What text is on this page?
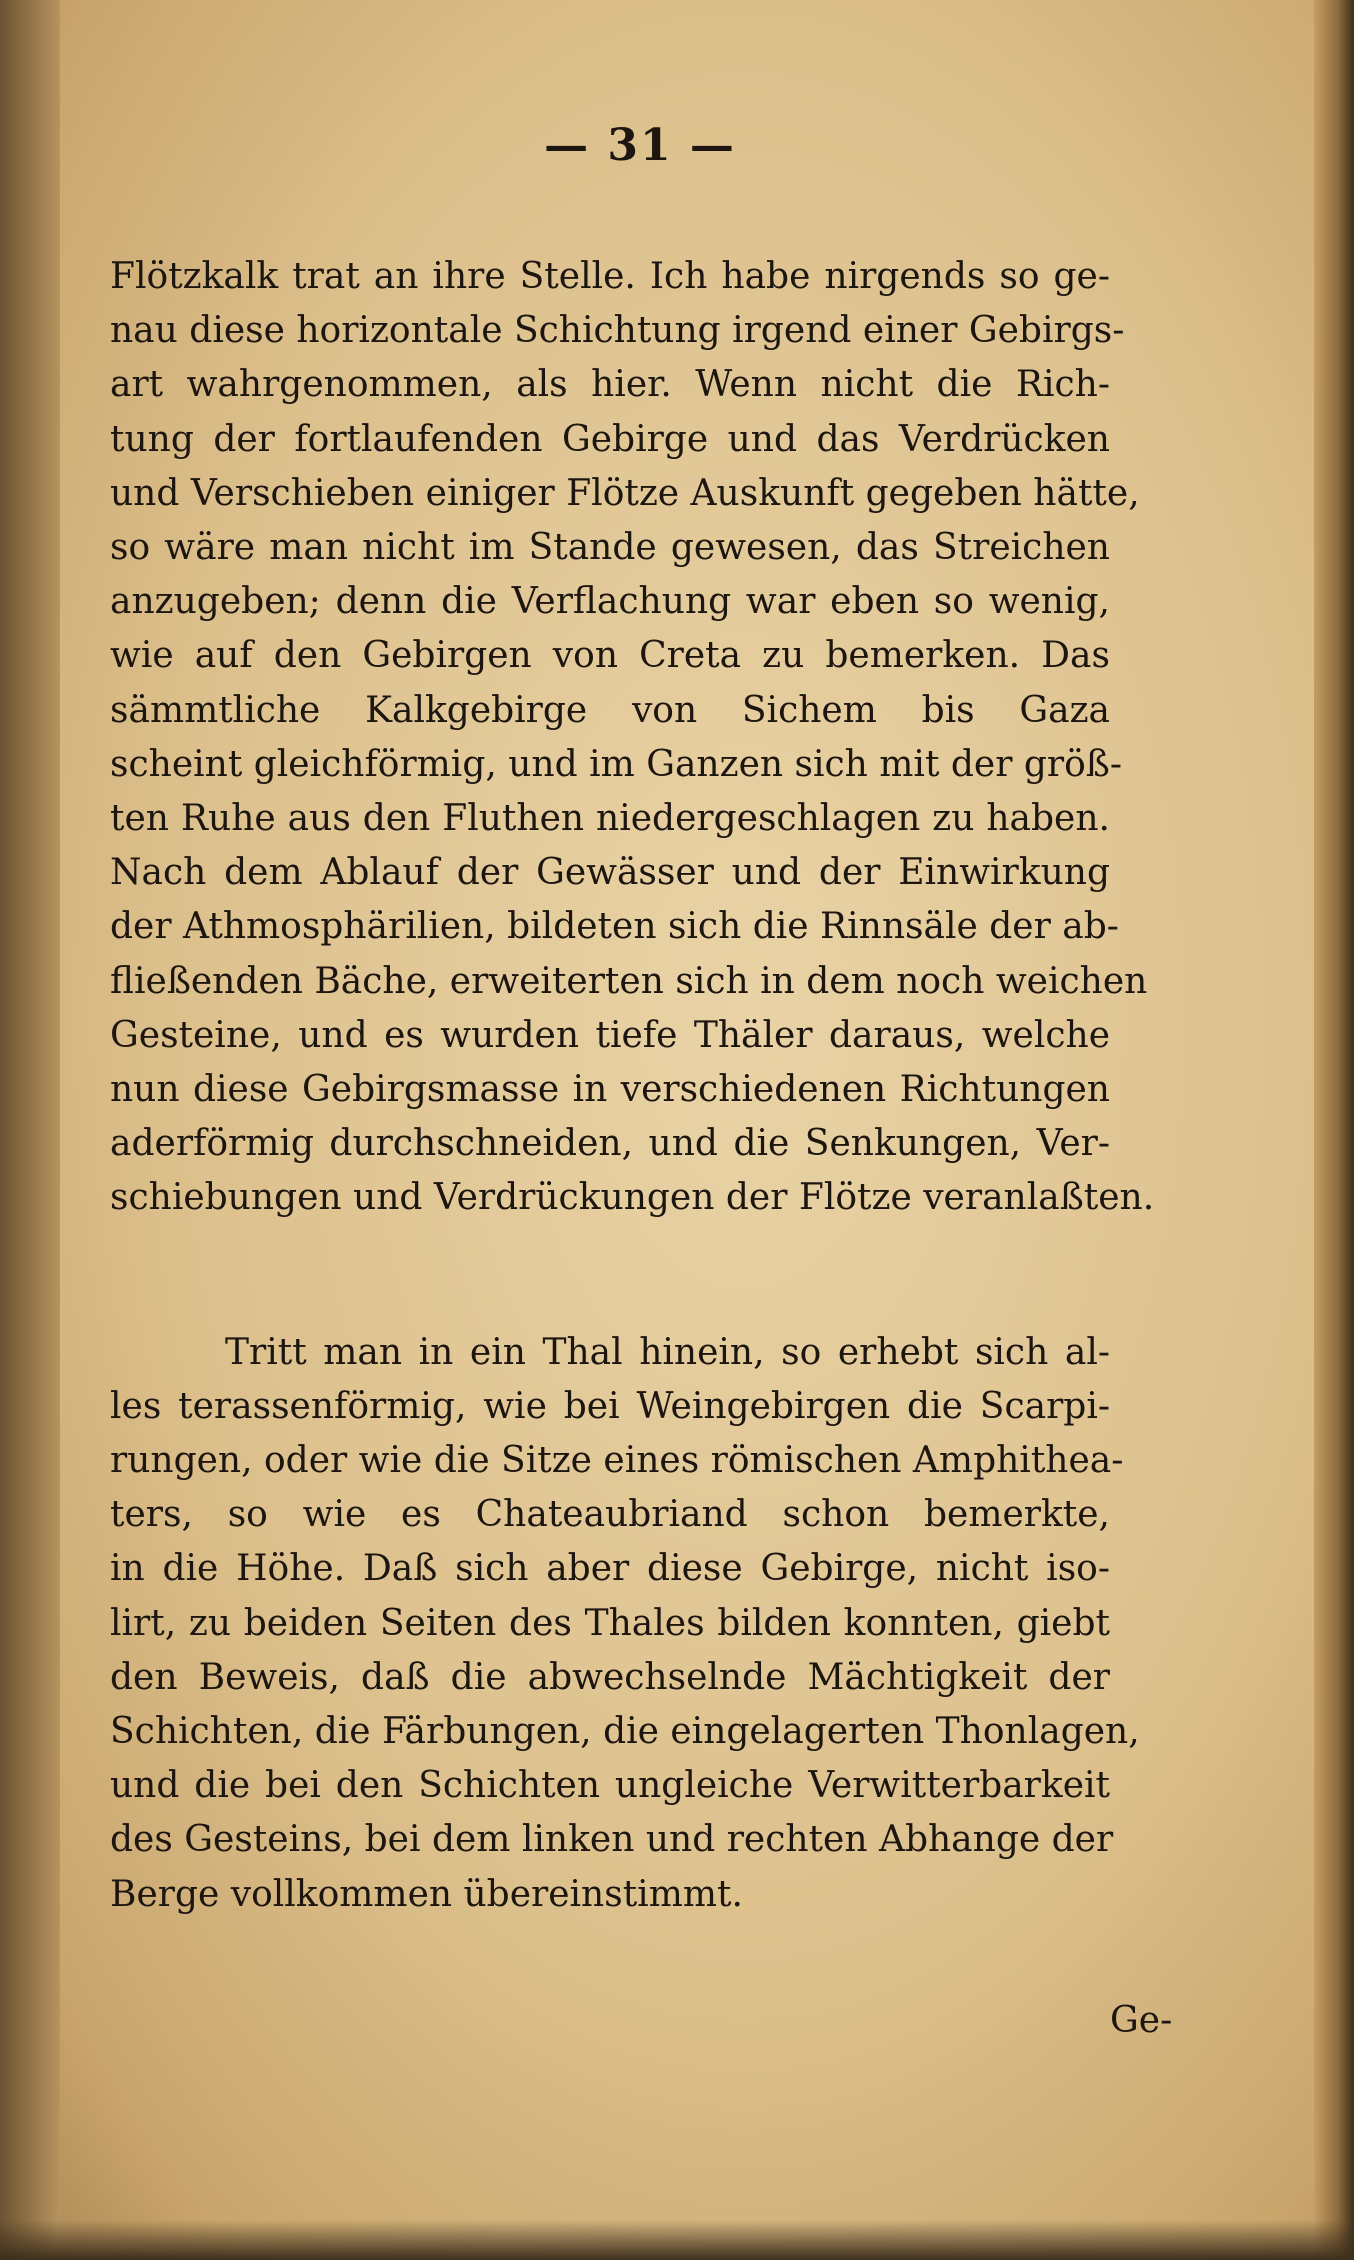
— 31 —

Flötzkalk trat an ihre Stelle. Ich habe nirgends so ge-
nau diese horizontale Schichtung irgend einer Gebirgs-
art wahrgenommen, als hier. Wenn nicht die Rich-
tung der fortlaufenden Gebirge und das Verdrücken
und Verschieben einiger Flötze Auskunft gegeben hätte,
so wäre man nicht im Stande gewesen, das Streichen
anzugeben; denn die Verflachung war eben so wenig,
wie auf den Gebirgen von Creta zu bemerken. Das
sämmtliche Kalkgebirge von Sichem bis Gaza
scheint gleichförmig, und im Ganzen sich mit der größ-
ten Ruhe aus den Fluthen niedergeschlagen zu haben.
Nach dem Ablauf der Gewässer und der Einwirkung
der Athmosphärilien, bildeten sich die Rinnsäle der ab-
fließenden Bäche, erweiterten sich in dem noch weichen
Gesteine, und es wurden tiefe Thäler daraus, welche
nun diese Gebirgsmasse in verschiedenen Richtungen
aderförmig durchschneiden, und die Senkungen, Ver-
schiebungen und Verdrückungen der Flötze veranlaßten.

Tritt man in ein Thal hinein, so erhebt sich al-
les terassenförmig, wie bei Weingebirgen die Scarpi-
rungen, oder wie die Sitze eines römischen Amphithea-
ters, so wie es Chateaubriand schon bemerkte,
in die Höhe. Daß sich aber diese Gebirge, nicht iso-
lirt, zu beiden Seiten des Thales bilden konnten, giebt
den Beweis, daß die abwechselnde Mächtigkeit der
Schichten, die Färbungen, die eingelagerten Thonlagen,
und die bei den Schichten ungleiche Verwitterbarkeit
des Gesteins, bei dem linken und rechten Abhange der
Berge vollkommen übereinstimmt.

Ge-
